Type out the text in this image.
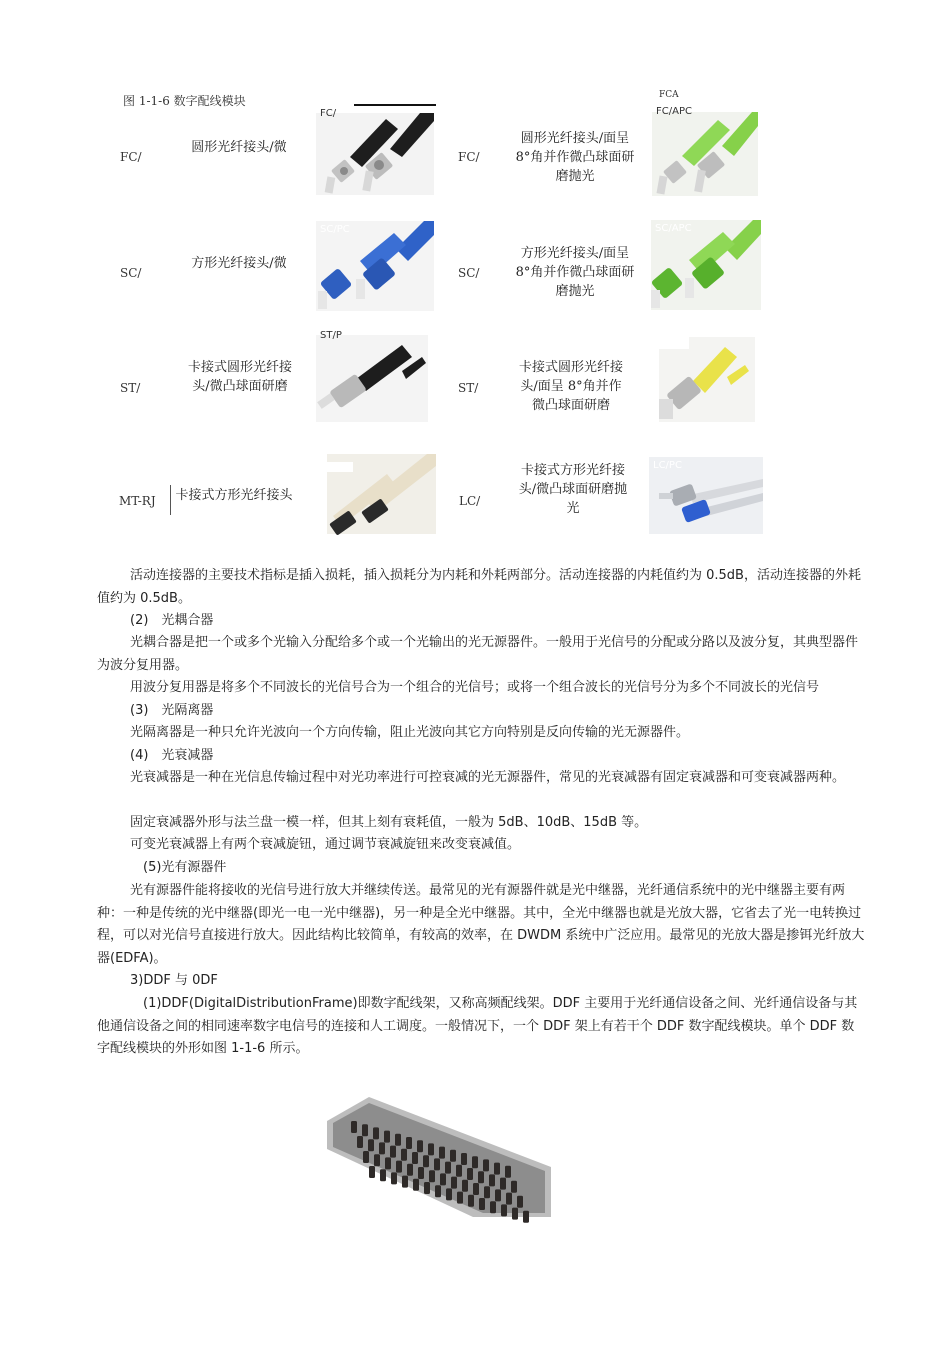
图 1-1-6 数字配线模块	FCA
FC/
圆形光纤接头/微
FC/
FC/
圆形光纤接头/面呈 8°角并作微凸球面研磨抛光
FC/APC
SC/
方形光纤接头/微
SC/PC
SC/
方形光纤接头/面呈 8°角并作微凸球面研磨抛光
SC/APC
ST/
卡接式圆形光纤接头/微凸球面研磨
ST/P
ST/
卡接式圆形光纤接头/面呈 8°角并作微凸球面研磨
MT-RJ 卡接式方形光纤接头	LC/
卡接式方形光纤接头/微凸球面研磨抛光
LC/PC
活动连接器的主要技术指标是插入损耗，插入损耗分为内耗和外耗两部分。活动连接器的内耗值约为 0.5dB，活动连接器的外耗值约为 0.5dB。
(2)　光耦合器
光耦合器是把一个或多个光输入分配给多个或一个光输出的光无源器件。一般用于光信号的分配或分路以及波分复，其典型器件为波分复用器。
用波分复用器是将多个不同波长的光信号合为一个组合的光信号；或将一个组合波长的光信号分为多个不同波长的光信号
(3)　光隔离器
光隔离器是一种只允许光波向一个方向传输，阻止光波向其它方向特别是反向传输的光无源器件。
(4)　光衰减器
光衰减器是一种在光信息传输过程中对光功率进行可控衰减的光无源器件，常见的光衰减器有固定衰减器和可变衰减器两种。
固定衰减器外形与法兰盘一模一样，但其上刻有衰耗值，一般为 5dB、10dB、15dB 等。
可变光衰减器上有两个衰减旋钮，通过调节衰减旋钮来改变衰减值。
　(5)光有源器件
光有源器件能将接收的光信号进行放大并继续传送。最常见的光有源器件就是光中继器，光纤通信系统中的光中继器主要有两种：一种是传统的光中继器(即光一电一光中继器)，另一种是全光中继器。其中，全光中继器也就是光放大器，它省去了光一电转换过程，可以对光信号直接进行放大。因此结构比较简单，有较高的效率，在 DWDM 系统中广泛应用。最常见的光放大器是掺铒光纤放大器(EDFA)。
3)DDF 与 0DF
　(1)DDF(DigitalDistributionFrame)即数字配线架，又称高频配线架。DDF 主要用于光纤通信设备之间、光纤通信设备与其他通信设备之间的相同速率数字电信号的连接和人工调度。一般情况下，一个 DDF 架上有若干个 DDF 数字配线模块。单个 DDF 数字配线模块的外形如图 1-1-6 所示。
